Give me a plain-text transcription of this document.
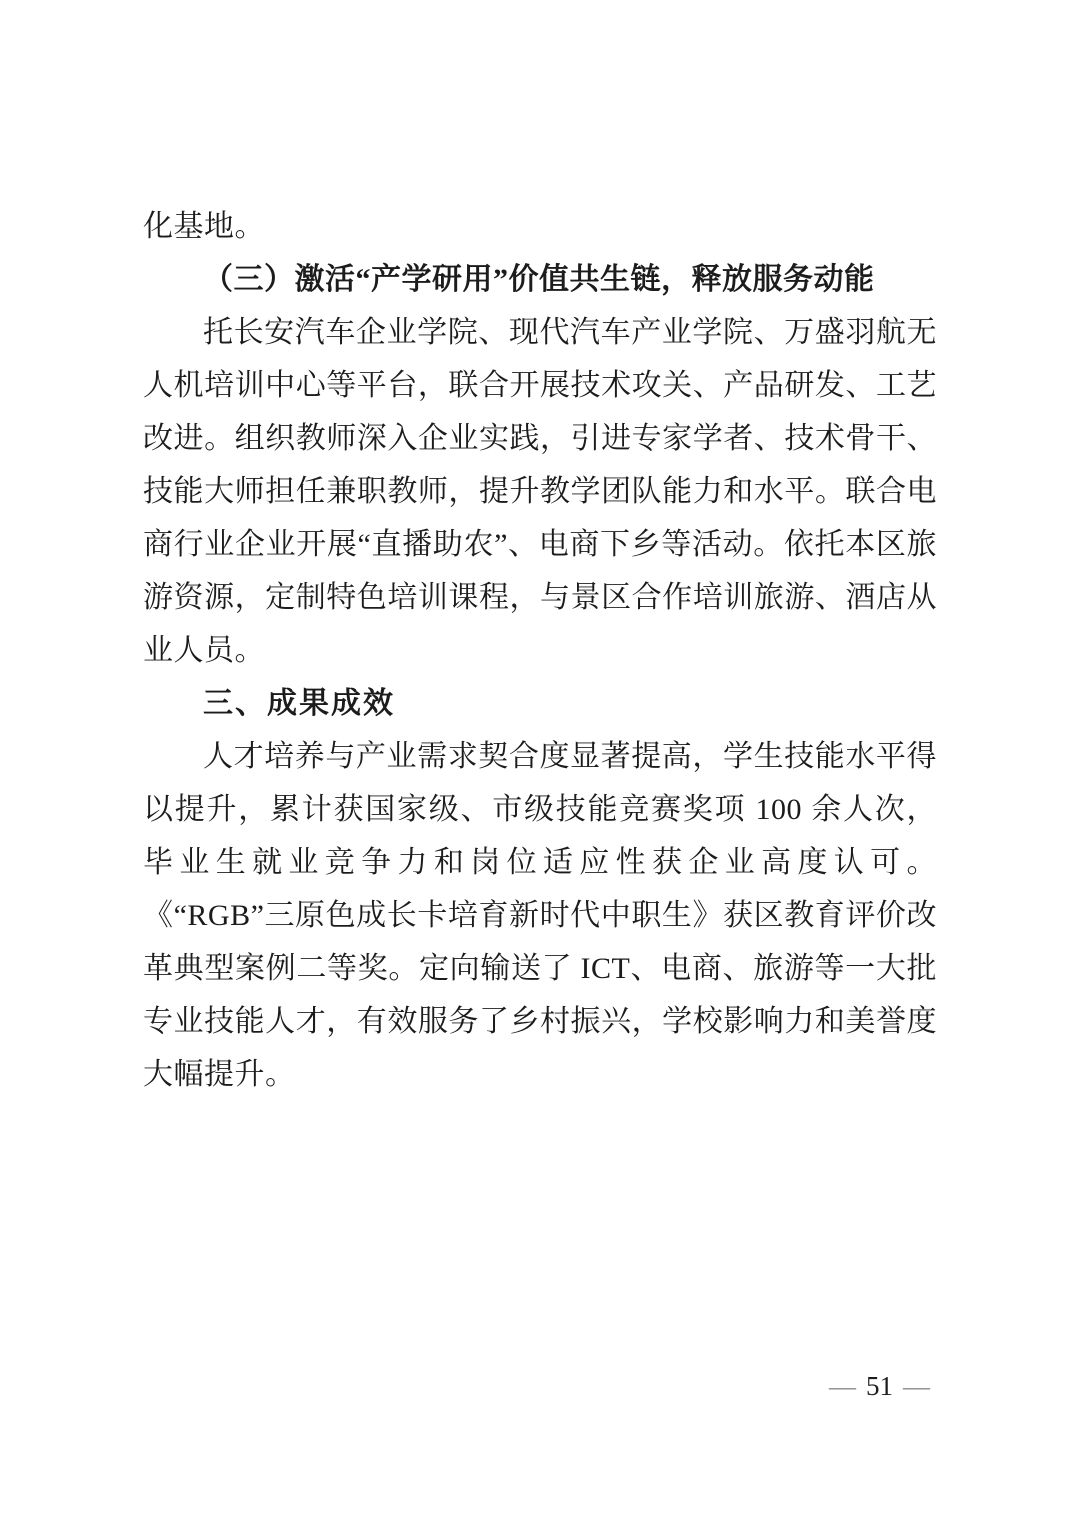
化基地。

（三）激活“产学研用”价值共生链，释放服务动能

托长安汽车企业学院、现代汽车产业学院、万盛羽航无人机培训中心等平台，联合开展技术攻关、产品研发、工艺改进。组织教师深入企业实践，引进专家学者、技术骨干、技能大师担任兼职教师，提升教学团队能力和水平。联合电商行业企业开展“直播助农”、电商下乡等活动。依托本区旅游资源，定制特色培训课程，与景区合作培训旅游、酒店从业人员。

三、成果成效

人才培养与产业需求契合度显著提高，学生技能水平得以提升，累计获国家级、市级技能竞赛奖项 100 余人次，毕业生就业竞争力和岗位适应性获企业高度认可。《“RGB”三原色成长卡培育新时代中职生》获区教育评价改革典型案例二等奖。定向输送了 ICT、电商、旅游等一大批专业技能人才，有效服务了乡村振兴，学校影响力和美誉度大幅提升。

— 51 —
